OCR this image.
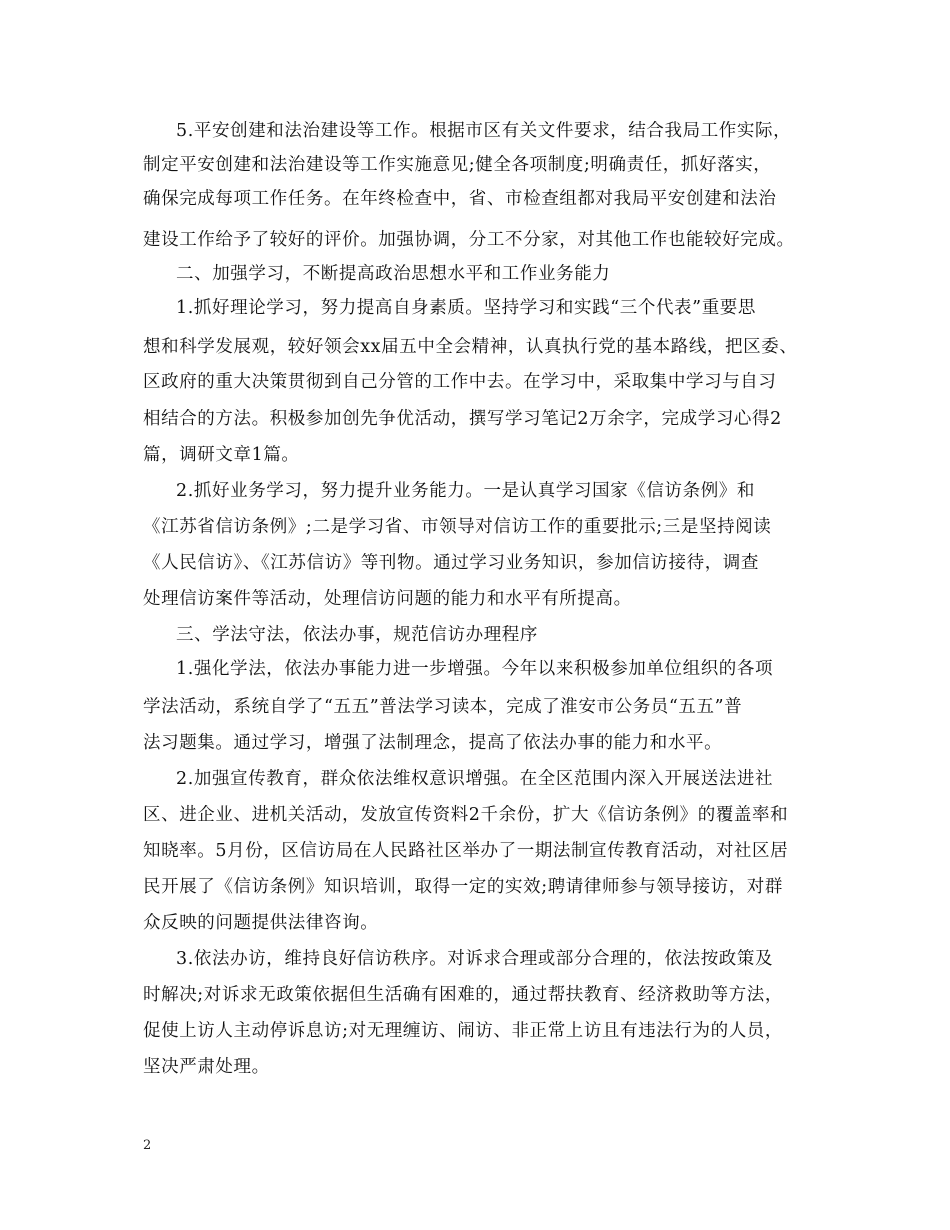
5.平安创建和法治建设等工作。根据市区有关文件要求，结合我局工作实际，
制定平安创建和法治建设等工作实施意见;健全各项制度;明确责任，抓好落实，
确保完成每项工作任务。在年终检查中，省、市检查组都对我局平安创建和法治
建设工作给予了较好的评价。加强协调，分工不分家，对其他工作也能较好完成。
二、加强学习，不断提高政治思想水平和工作业务能力
1.抓好理论学习，努力提高自身素质。坚持学习和实践“三个代表”重要思
想和科学发展观，较好领会xx届五中全会精神，认真执行党的基本路线，把区委、
区政府的重大决策贯彻到自己分管的工作中去。在学习中，采取集中学习与自习
相结合的方法。积极参加创先争优活动，撰写学习笔记2万余字，完成学习心得2
篇，调研文章1篇。
2.抓好业务学习，努力提升业务能力。一是认真学习国家《信访条例》和
《江苏省信访条例》;二是学习省、市领导对信访工作的重要批示;三是坚持阅读
《人民信访》、《江苏信访》等刊物。通过学习业务知识，参加信访接待，调查
处理信访案件等活动，处理信访问题的能力和水平有所提高。
三、学法守法，依法办事，规范信访办理程序
1.强化学法，依法办事能力进一步增强。今年以来积极参加单位组织的各项
学法活动，系统自学了“五五”普法学习读本，完成了淮安市公务员“五五”普
法习题集。通过学习，增强了法制理念，提高了依法办事的能力和水平。
2.加强宣传教育，群众依法维权意识增强。在全区范围内深入开展送法进社
区、进企业、进机关活动，发放宣传资料2千余份，扩大《信访条例》的覆盖率和
知晓率。5月份，区信访局在人民路社区举办了一期法制宣传教育活动，对社区居
民开展了《信访条例》知识培训，取得一定的实效;聘请律师参与领导接访，对群
众反映的问题提供法律咨询。
3.依法办访，维持良好信访秩序。对诉求合理或部分合理的，依法按政策及
时解决;对诉求无政策依据但生活确有困难的，通过帮扶教育、经济救助等方法，
促使上访人主动停诉息访;对无理缠访、闹访、非正常上访且有违法行为的人员，
坚决严肃处理。
2
